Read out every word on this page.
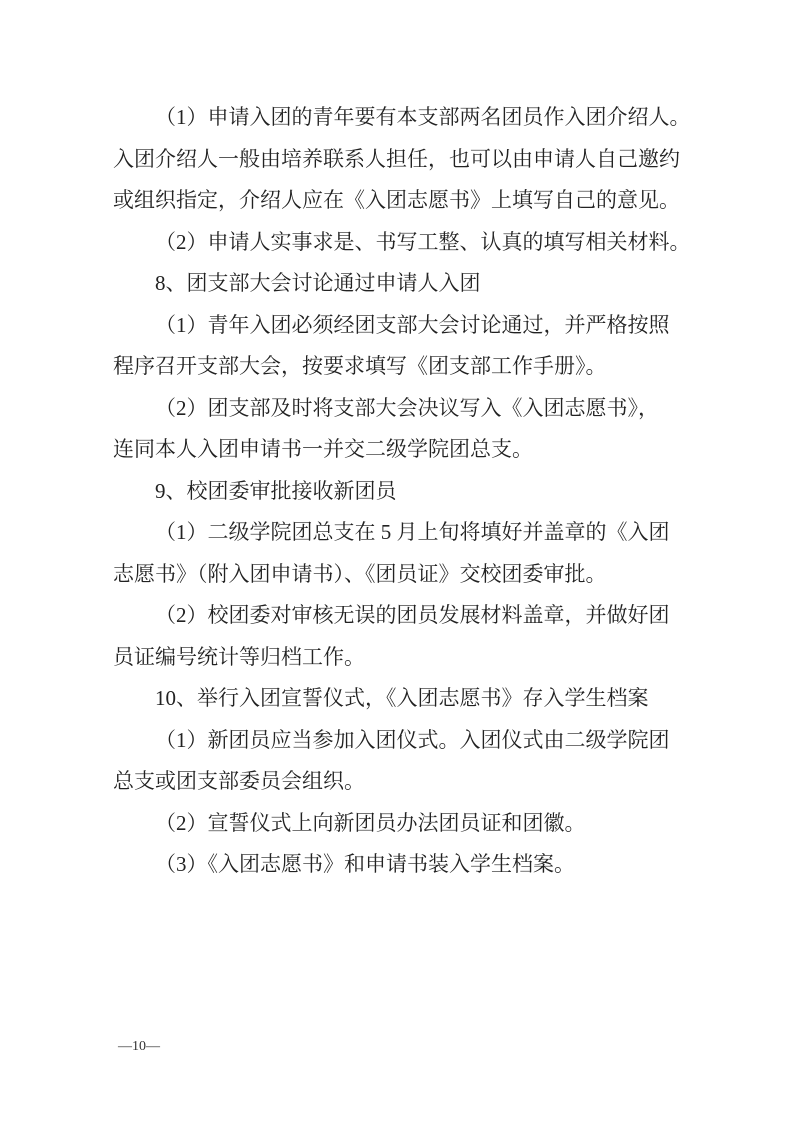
（1）申请入团的青年要有本支部两名团员作入团介绍人。
入团介绍人一般由培养联系人担任，也可以由申请人自己邀约
或组织指定，介绍人应在《入团志愿书》上填写自己的意见。
（2）申请人实事求是、书写工整、认真的填写相关材料。
8、团支部大会讨论通过申请人入团
（1）青年入团必须经团支部大会讨论通过，并严格按照
程序召开支部大会，按要求填写《团支部工作手册》。
（2）团支部及时将支部大会决议写入《入团志愿书》，
连同本人入团申请书一并交二级学院团总支。
9、校团委审批接收新团员
（1）二级学院团总支在 5 月上旬将填好并盖章的《入团
志愿书》（附入团申请书）、《团员证》交校团委审批。
（2）校团委对审核无误的团员发展材料盖章，并做好团
员证编号统计等归档工作。
10、举行入团宣誓仪式，《入团志愿书》存入学生档案
（1）新团员应当参加入团仪式。入团仪式由二级学院团
总支或团支部委员会组织。
（2）宣誓仪式上向新团员办法团员证和团徽。
（3）《入团志愿书》和申请书装入学生档案。
—10—
